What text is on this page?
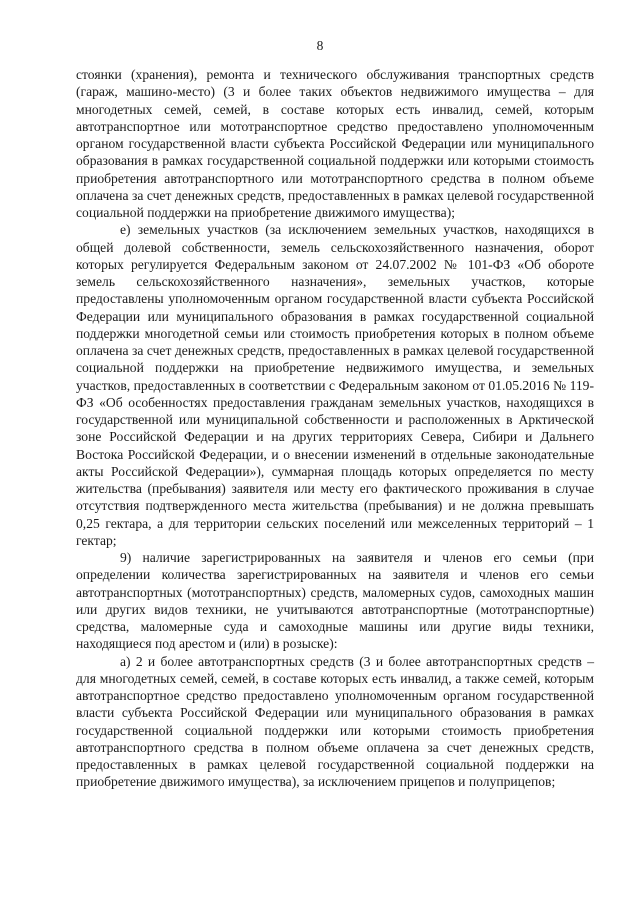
8

стоянки (хранения), ремонта и технического обслуживания транспортных средств (гараж, машино-место) (3 и более таких объектов недвижимого имущества – для многодетных семей, семей, в составе которых есть инвалид, семей, которым автотранспортное или мототранспортное средство предоставлено уполномоченным органом государственной власти субъекта Российской Федерации или муниципального образования в рамках государственной социальной поддержки или которыми стоимость приобретения автотранспортного или мототранспортного средства в полном объеме оплачена за счет денежных средств, предоставленных в рамках целевой государственной социальной поддержки на приобретение движимого имущества);

е) земельных участков (за исключением земельных участков, находящихся в общей долевой собственности, земель сельскохозяйственного назначения, оборот которых регулируется Федеральным законом от 24.07.2002 № 101-ФЗ «Об обороте земель сельскохозяйственного назначения», земельных участков, которые предоставлены уполномоченным органом государственной власти субъекта Российской Федерации или муниципального образования в рамках государственной социальной поддержки многодетной семьи или стоимость приобретения которых в полном объеме оплачена за счет денежных средств, предоставленных в рамках целевой государственной социальной поддержки на приобретение недвижимого имущества, и земельных участков, предоставленных в соответствии с Федеральным законом от 01.05.2016 № 119-ФЗ «Об особенностях предоставления гражданам земельных участков, находящихся в государственной или муниципальной собственности и расположенных в Арктической зоне Российской Федерации и на других территориях Севера, Сибири и Дальнего Востока Российской Федерации, и о внесении изменений в отдельные законодательные акты Российской Федерации»), суммарная площадь которых определяется по месту жительства (пребывания) заявителя или месту его фактического проживания в случае отсутствия подтвержденного места жительства (пребывания) и не должна превышать 0,25 гектара, а для территории сельских поселений или межселенных территорий – 1 гектар;

9) наличие зарегистрированных на заявителя и членов его семьи (при определении количества зарегистрированных на заявителя и членов его семьи автотранспортных (мототранспортных) средств, маломерных судов, самоходных машин или других видов техники, не учитываются автотранспортные (мототранспортные) средства, маломерные суда и самоходные машины или другие виды техники, находящиеся под арестом и (или) в розыске):

а) 2 и более автотранспортных средств (3 и более автотранспортных средств – для многодетных семей, семей, в составе которых есть инвалид, а также семей, которым автотранспортное средство предоставлено уполномоченным органом государственной власти субъекта Российской Федерации или муниципального образования в рамках государственной социальной поддержки или которыми стоимость приобретения автотранспортного средства в полном объеме оплачена за счет денежных средств, предоставленных в рамках целевой государственной социальной поддержки на приобретение движимого имущества), за исключением прицепов и полуприцепов;
